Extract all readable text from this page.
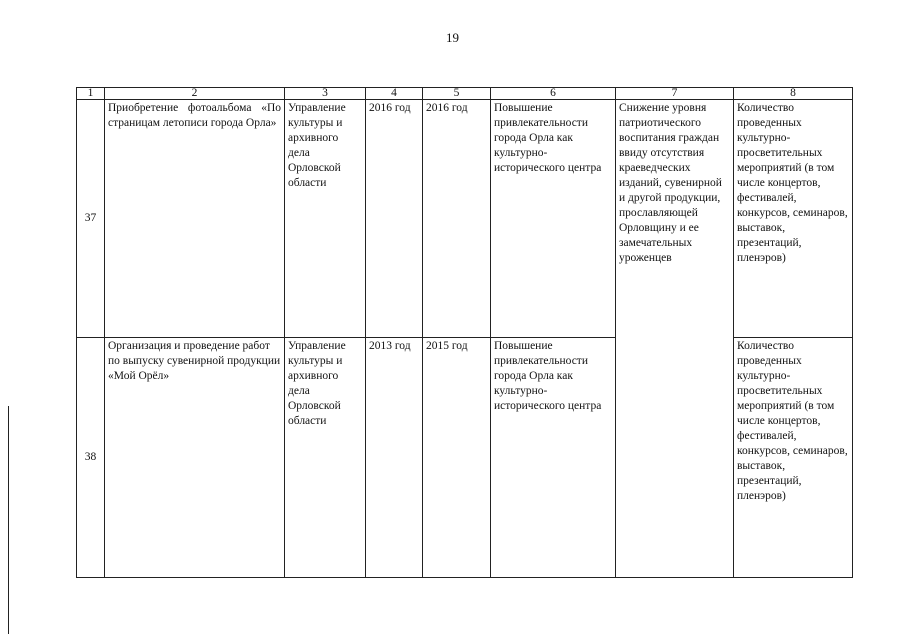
19
1	2	3	4	5	6	7	8
37	Приобретение фотоальбома «По страницам летописи города Орла»	Управление культуры и архивного дела Орловской области	2016 год	2016 год	Повышение привлекательности города Орла как культурно-исторического центра	Снижение уровня патриотического воспитания граждан ввиду отсутствия краеведческих изданий, сувенирной и другой продукции, прославляющей Орловщину и ее замечательных уроженцев	Количество проведенных культурно-просветительных мероприятий (в том числе концертов, фестивалей, конкурсов, семинаров, выставок, презентаций, пленэров)
38	Организация и проведение работ по выпуску сувенирной продукции «Мой Орёл»	Управление культуры и архивного дела Орловской области	2013 год	2015 год	Повышение привлекательности города Орла как культурно-исторического центра		Количество проведенных культурно-просветительных мероприятий (в том числе концертов, фестивалей, конкурсов, семинаров, выставок, презентаций, пленэров)
